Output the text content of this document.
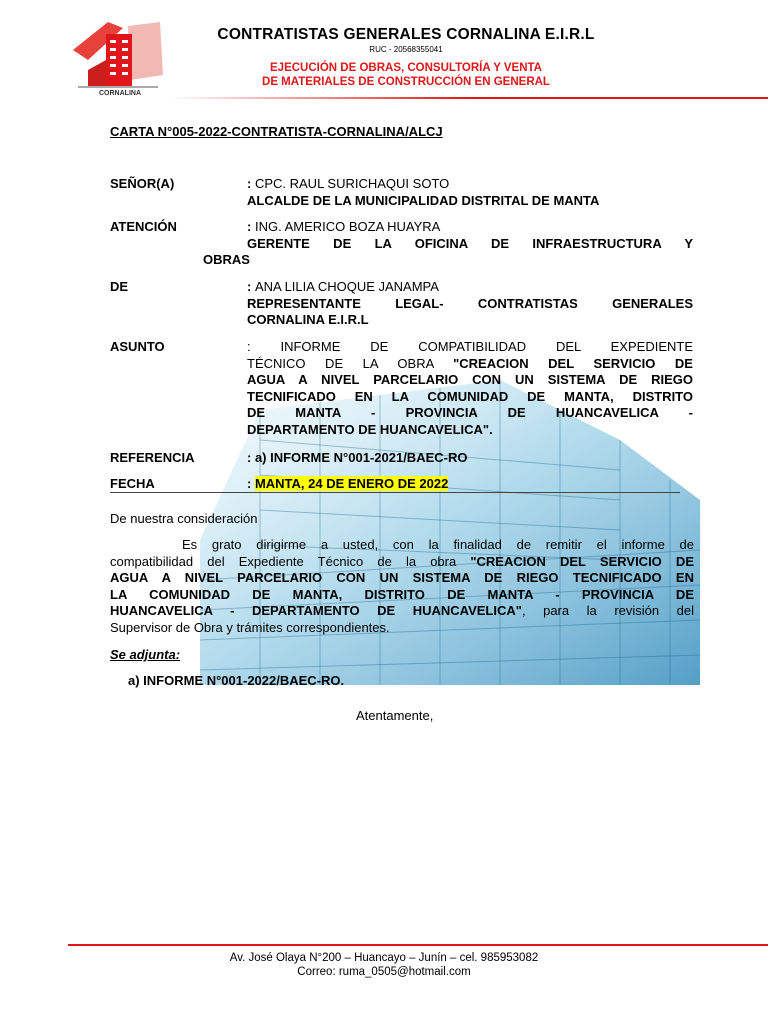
CORNALINA
CONTRATISTAS GENERALES CORNALINA E.I.R.L
RUC - 20568355041
EJECUCIÓN DE OBRAS, CONSULTORÍA Y VENTA
DE MATERIALES DE CONSTRUCCIÓN EN GENERAL
CARTA N°005-2022-CONTRATISTA-CORNALINA/ALCJ
SEÑOR(A)	: CPC. RAUL SURICHAQUI SOTO
ALCALDE DE LA MUNICIPALIDAD DISTRITAL DE MANTA
ATENCIÓN	: ING. AMERICO BOZA HUAYRA
GERENTE DE LA OFICINA DE INFRAESTRUCTURA Y
OBRAS
DE	: ANA LILIA CHOQUE JANAMPA
REPRESENTANTE LEGAL- CONTRATISTAS GENERALES
CORNALINA E.I.R.L
ASUNTO	: INFORME DE COMPATIBILIDAD DEL EXPEDIENTE
TÉCNICO DE LA OBRA "CREACION DEL SERVICIO DE
AGUA A NIVEL PARCELARIO CON UN SISTEMA DE RIEGO
TECNIFICADO EN LA COMUNIDAD DE MANTA, DISTRITO
DE MANTA - PROVINCIA DE HUANCAVELICA -
DEPARTAMENTO DE HUANCAVELICA".
REFERENCIA	: a) INFORME N°001-2021/BAEC-RO
FECHA	: MANTA, 24 DE ENERO DE 2022
De nuestra consideración
Es grato dirigirme a usted, con la finalidad de remitir el informe de
compatibilidad del Expediente Técnico de la obra "CREACION DEL SERVICIO DE
AGUA A NIVEL PARCELARIO CON UN SISTEMA DE RIEGO TECNIFICADO EN
LA COMUNIDAD DE MANTA, DISTRITO DE MANTA - PROVINCIA DE
HUANCAVELICA - DEPARTAMENTO DE HUANCAVELICA", para la revisión del
Supervisor de Obra y trámites correspondientes.
Se adjunta:
a) INFORME N°001-2022/BAEC-RO.
Atentamente,
Av. José Olaya N°200 – Huancayo – Junín – cel. 985953082
Correo: ruma_0505@hotmail.com
